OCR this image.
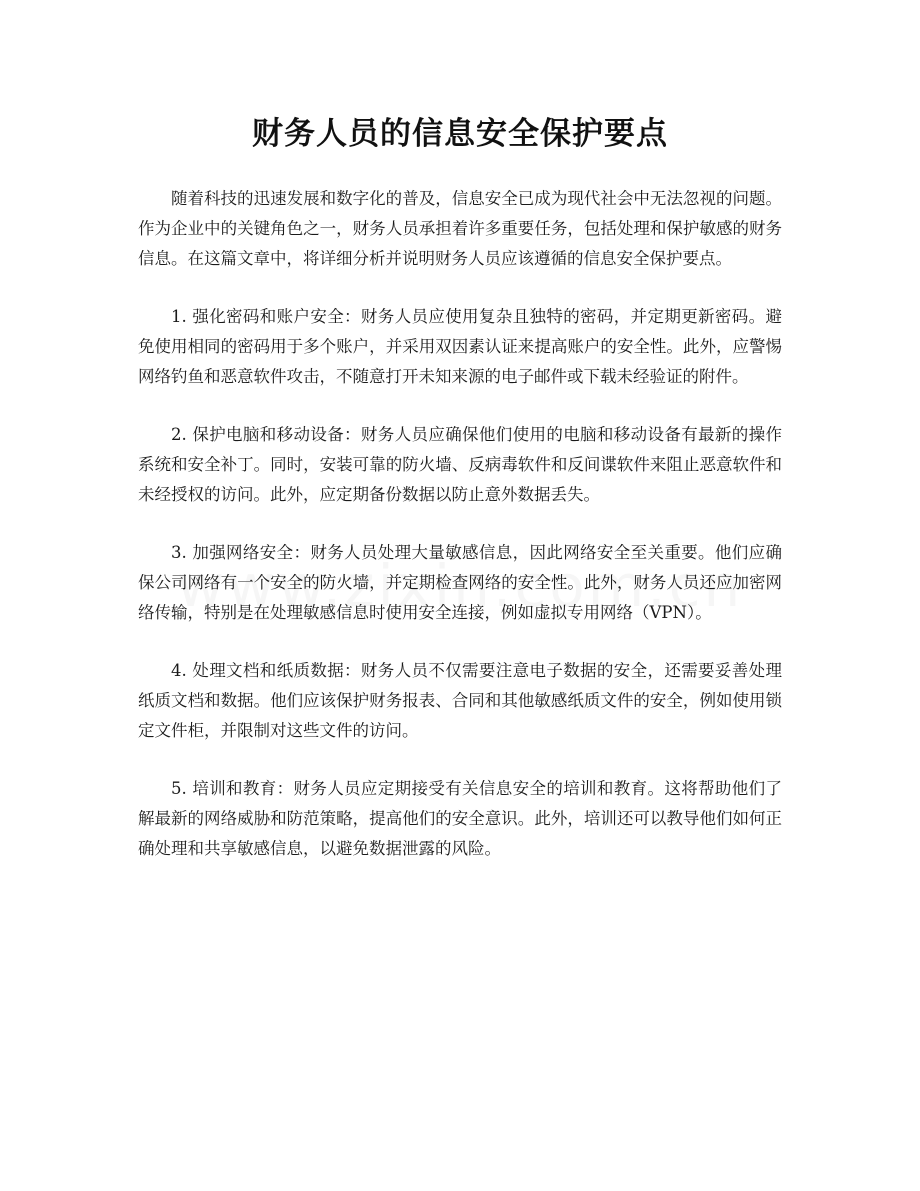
财务人员的信息安全保护要点

随着科技的迅速发展和数字化的普及，信息安全已成为现代社会中无法忽视的问题。作为企业中的关键角色之一，财务人员承担着许多重要任务，包括处理和保护敏感的财务信息。在这篇文章中，将详细分析并说明财务人员应该遵循的信息安全保护要点。

1. 强化密码和账户安全：财务人员应使用复杂且独特的密码，并定期更新密码。避免使用相同的密码用于多个账户，并采用双因素认证来提高账户的安全性。此外，应警惕网络钓鱼和恶意软件攻击，不随意打开未知来源的电子邮件或下载未经验证的附件。

2. 保护电脑和移动设备：财务人员应确保他们使用的电脑和移动设备有最新的操作系统和安全补丁。同时，安装可靠的防火墙、反病毒软件和反间谍软件来阻止恶意软件和未经授权的访问。此外，应定期备份数据以防止意外数据丢失。

3. 加强网络安全：财务人员处理大量敏感信息，因此网络安全至关重要。他们应确保公司网络有一个安全的防火墙，并定期检查网络的安全性。此外，财务人员还应加密网络传输，特别是在处理敏感信息时使用安全连接，例如虚拟专用网络（VPN）。

4. 处理文档和纸质数据：财务人员不仅需要注意电子数据的安全，还需要妥善处理纸质文档和数据。他们应该保护财务报表、合同和其他敏感纸质文件的安全，例如使用锁定文件柜，并限制对这些文件的访问。

5. 培训和教育：财务人员应定期接受有关信息安全的培训和教育。这将帮助他们了解最新的网络威胁和防范策略，提高他们的安全意识。此外，培训还可以教导他们如何正确处理和共享敏感信息，以避免数据泄露的风险。
